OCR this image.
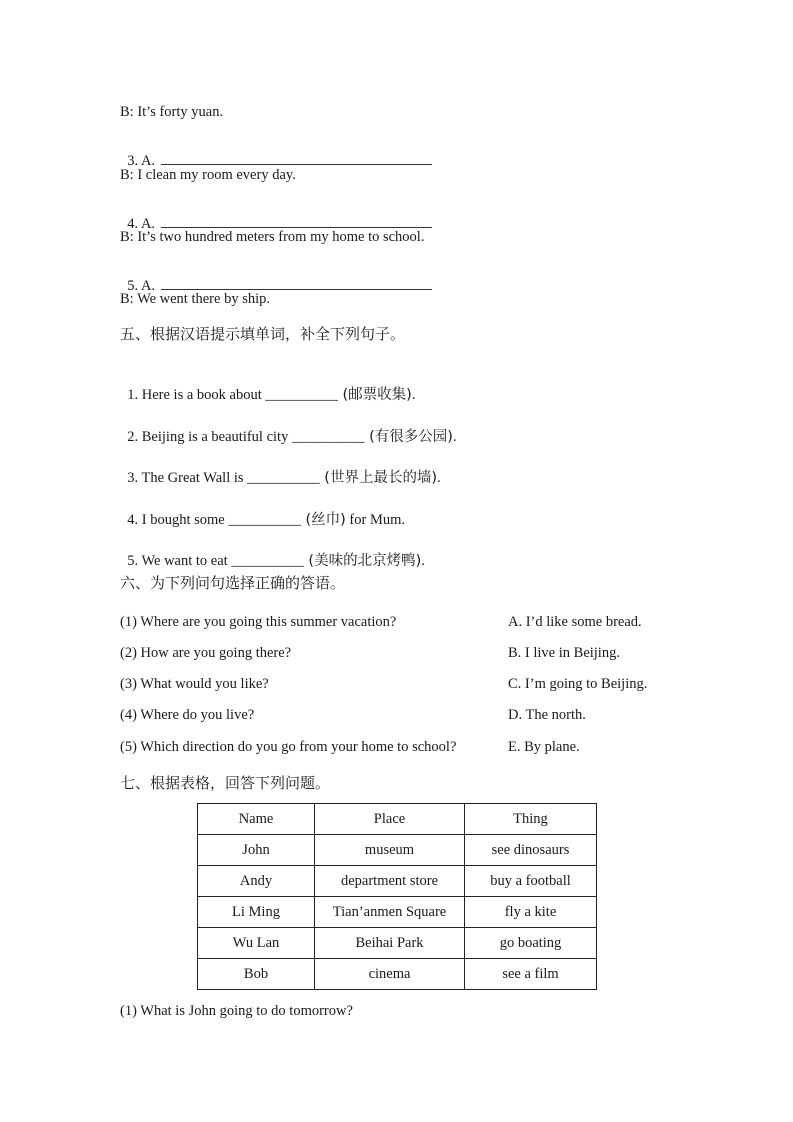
B: It’s forty yuan.

3. A.

B: I clean my room every day.

4. A.

B: It’s two hundred meters from my home to school.

5. A.

B: We went there by ship.
五、根据汉语提示填单词，补全下列句子。

1. Here is a book about __________ (邮票收集).

2. Beijing is a beautiful city __________ (有很多公园).

3. The Great Wall is __________ (世界上最长的墙).

4. I bought some __________ (丝巾) for Mum.

5. We want to eat __________ (美味的北京烤鸭).

六、为下列问句选择正确的答语。
(1) Where are you going this summer vacation?
(2) How are you going there?
(3) What would you like?
(4) Where do you live?
(5) Which direction do you go from your home to school?
A. I’d like some bread.
B. I live in Beijing.
C. I’m going to Beijing.
D. The north.
E. By plane.
七、根据表格，回答下列问题。
Name	Place	Thing
John	museum	see dinosaurs
Andy	department store	buy a football
Li Ming	Tian’anmen Square	fly a kite
Wu Lan	Beihai Park	go boating
Bob	cinema	see a film
(1) What is John going to do tomorrow?
